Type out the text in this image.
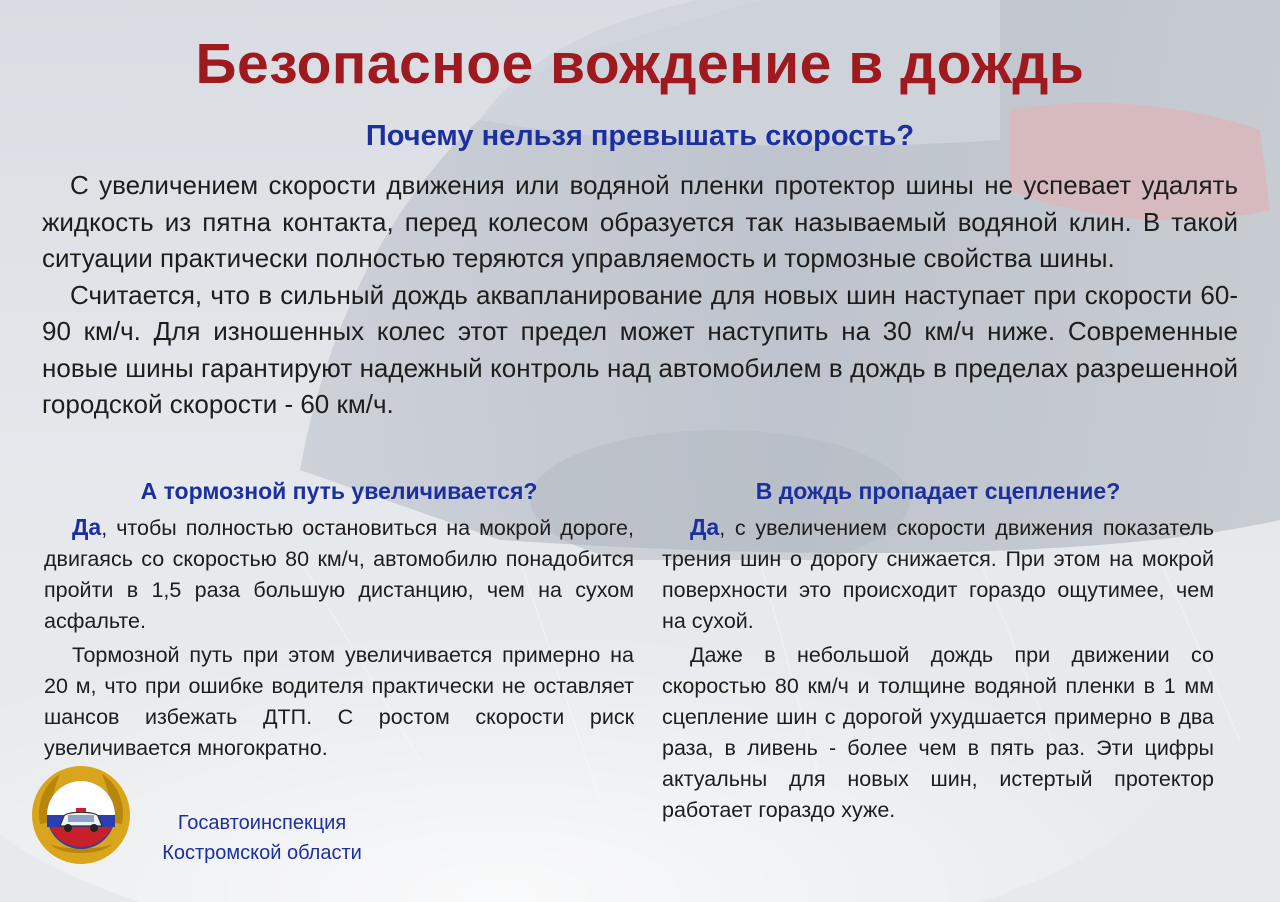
Безопасное вождение в дождь
Почему нельзя превышать скорость?

С увеличением скорости движения или водяной пленки протектор шины не успевает удалять жидкость из пятна контакта, перед колесом образуется так называемый водяной клин. В такой ситуации практически полностью теряются управляемость и тормозные свойства шины.

Считается, что в сильный дождь аквапланирование для новых шин наступает при скорости 60-90 км/ч. Для изношенных колес этот предел может наступить на 30 км/ч ниже. Современные новые шины гарантируют надежный контроль над автомобилем в дождь в пределах разрешенной городской скорости - 60 км/ч.

А тормозной путь увеличивается?

Да, чтобы полностью остановиться на мокрой дороге, двигаясь со скоростью 80 км/ч, автомобилю понадобится пройти в 1,5 раза большую дистанцию, чем на сухом асфальте.

Тормозной путь при этом увеличивается примерно на 20 м, что при ошибке водителя практически не оставляет шансов избежать ДТП. С ростом скорости риск увеличивается многократно.

В дождь пропадает сцепление?

Да, с увеличением скорости движения показатель трения шин о дорогу снижается. При этом на мокрой поверхности это происходит гораздо ощутимее, чем на сухой.

Даже в небольшой дождь при движении со скоростью 80 км/ч и толщине водяной пленки в 1 мм сцепление шин с дорогой ухудшается примерно в два раза, в ливень - более чем в пять раз. Эти цифры актуальны для новых шин, истертый протектор работает гораздо хуже.

Госавтоинспекция
Костромской области
